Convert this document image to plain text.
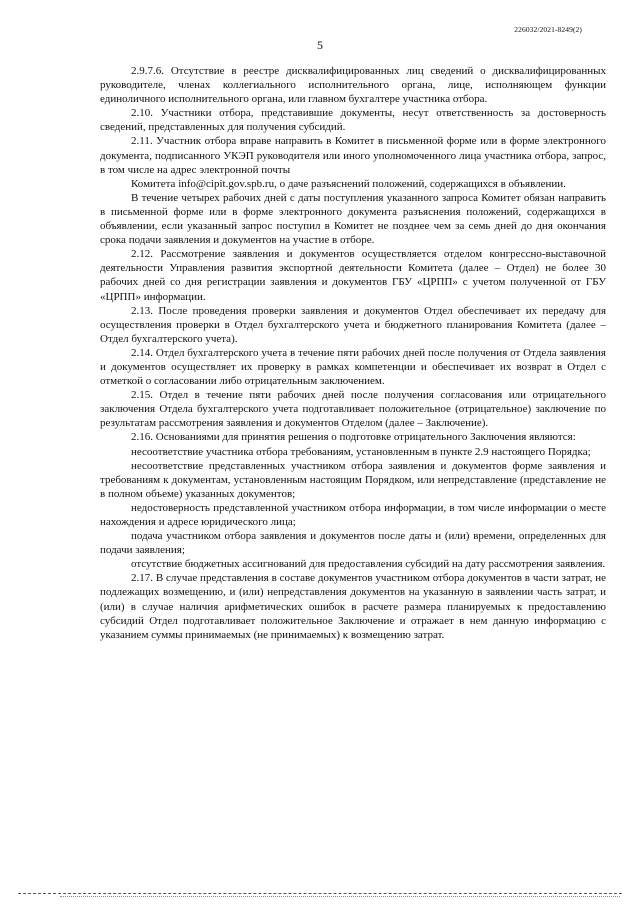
226032/2021-8249(2)
5

2.9.7.6. Отсутствие в реестре дисквалифицированных лиц сведений о дисквалифицированных руководителе, членах коллегиального исполнительного органа, лице, исполняющем функции единоличного исполнительного органа, или главном бухгалтере участника отбора.

2.10. Участники отбора, представившие документы, несут ответственность за достоверность сведений, представленных для получения субсидий.

2.11. Участник отбора вправе направить в Комитет в письменной форме или в форме электронного документа, подписанного УКЭП руководителя или иного уполномоченного лица участника отбора, запрос, в том числе на адрес электронной почты

Комитета info@cipit.gov.spb.ru, о даче разъяснений положений, содержащихся в объявлении.

В течение четырех рабочих дней с даты поступления указанного запроса Комитет обязан направить в письменной форме или в форме электронного документа разъяснения положений, содержащихся в объявлении, если указанный запрос поступил в Комитет не позднее чем за семь дней до дня окончания срока подачи заявления и документов на участие в отборе.

2.12. Рассмотрение заявления и документов осуществляется отделом конгрессно-выставочной деятельности Управления развития экспортной деятельности Комитета (далее – Отдел) не более 30 рабочих дней со дня регистрации заявления и документов ГБУ «ЦРПП» с учетом полученной от ГБУ «ЦРПП» информации.

2.13. После проведения проверки заявления и документов Отдел обеспечивает их передачу для осуществления проверки в Отдел бухгалтерского учета и бюджетного планирования Комитета (далее – Отдел бухгалтерского учета).

2.14. Отдел бухгалтерского учета в течение пяти рабочих дней после получения от Отдела заявления и документов осуществляет их проверку в рамках компетенции и обеспечивает их возврат в Отдел с отметкой о согласовании либо отрицательным заключением.

2.15. Отдел в течение пяти рабочих дней после получения согласования или отрицательного заключения Отдела бухгалтерского учета подготавливает положительное (отрицательное) заключение по результатам рассмотрения заявления и документов Отделом (далее – Заключение).

2.16. Основаниями для принятия решения о подготовке отрицательного Заключения являются:

несоответствие участника отбора требованиям, установленным в пункте 2.9 настоящего Порядка;

несоответствие представленных участником отбора заявления и документов форме заявления и требованиям к документам, установленным настоящим Порядком, или непредставление (представление не в полном объеме) указанных документов;

недостоверность представленной участником отбора информации, в том числе информации о месте нахождения и адресе юридического лица;

подача участником отбора заявления и документов после даты и (или) времени, определенных для подачи заявления;

отсутствие бюджетных ассигнований для предоставления субсидий на дату рассмотрения заявления.

2.17. В случае представления в составе документов участником отбора документов в части затрат, не подлежащих возмещению, и (или) непредставления документов на указанную в заявлении часть затрат, и (или) в случае наличия арифметических ошибок в расчете размера планируемых к предоставлению субсидий Отдел подготавливает положительное Заключение и отражает в нем данную информацию с указанием суммы принимаемых (не принимаемых) к возмещению затрат.
